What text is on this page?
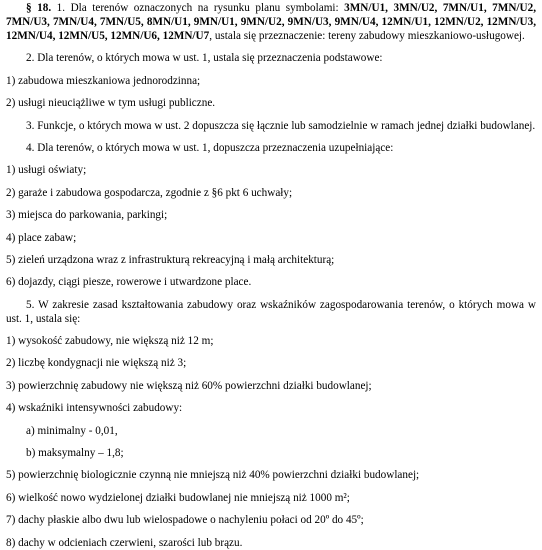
§ 18. 1. Dla terenów oznaczonych na rysunku planu symbolami: 3MN/U1, 3MN/U2, 7MN/U1, 7MN/U2, 7MN/U3, 7MN/U4, 7MN/U5, 8MN/U1, 9MN/U1, 9MN/U2, 9MN/U3, 9MN/U4, 12MN/U1, 12MN/U2, 12MN/U3, 12MN/U4, 12MN/U5, 12MN/U6, 12MN/U7, ustala się przeznaczenie: tereny zabudowy mieszkaniowo-usługowej.

2. Dla terenów, o których mowa w ust. 1, ustala się przeznaczenia podstawowe:

1) zabudowa mieszkaniowa jednorodzinna;

2) usługi nieuciążliwe w tym usługi publiczne.

3. Funkcje, o których mowa w ust. 2 dopuszcza się łącznie lub samodzielnie w ramach jednej działki budowlanej.

4. Dla terenów, o których mowa w ust. 1, dopuszcza przeznaczenia uzupełniające:

1) usługi oświaty;

2) garaże i zabudowa gospodarcza, zgodnie z §6 pkt 6 uchwały;

3) miejsca do parkowania, parkingi;

4) place zabaw;

5) zieleń urządzona wraz z infrastrukturą rekreacyjną i małą architekturą;

6) dojazdy, ciągi piesze, rowerowe i utwardzone place.

5. W zakresie zasad kształtowania zabudowy oraz wskaźników zagospodarowania terenów, o których mowa w ust. 1, ustala się:

1) wysokość zabudowy, nie większą niż 12 m;

2) liczbę kondygnacji nie większą niż 3;

3) powierzchnię zabudowy nie większą niż 60% powierzchni działki budowlanej;

4) wskaźniki intensywności zabudowy:

a) minimalny - 0,01,

b) maksymalny – 1,8;

5) powierzchnię biologicznie czynną nie mniejszą niż 40% powierzchni działki budowlanej;

6) wielkość nowo wydzielonej działki budowlanej nie mniejszą niż 1000 m²;

7) dachy płaskie albo dwu lub wielospadowe o nachyleniu połaci od 20º do 45º;

8) dachy w odcieniach czerwieni, szarości lub brązu.
